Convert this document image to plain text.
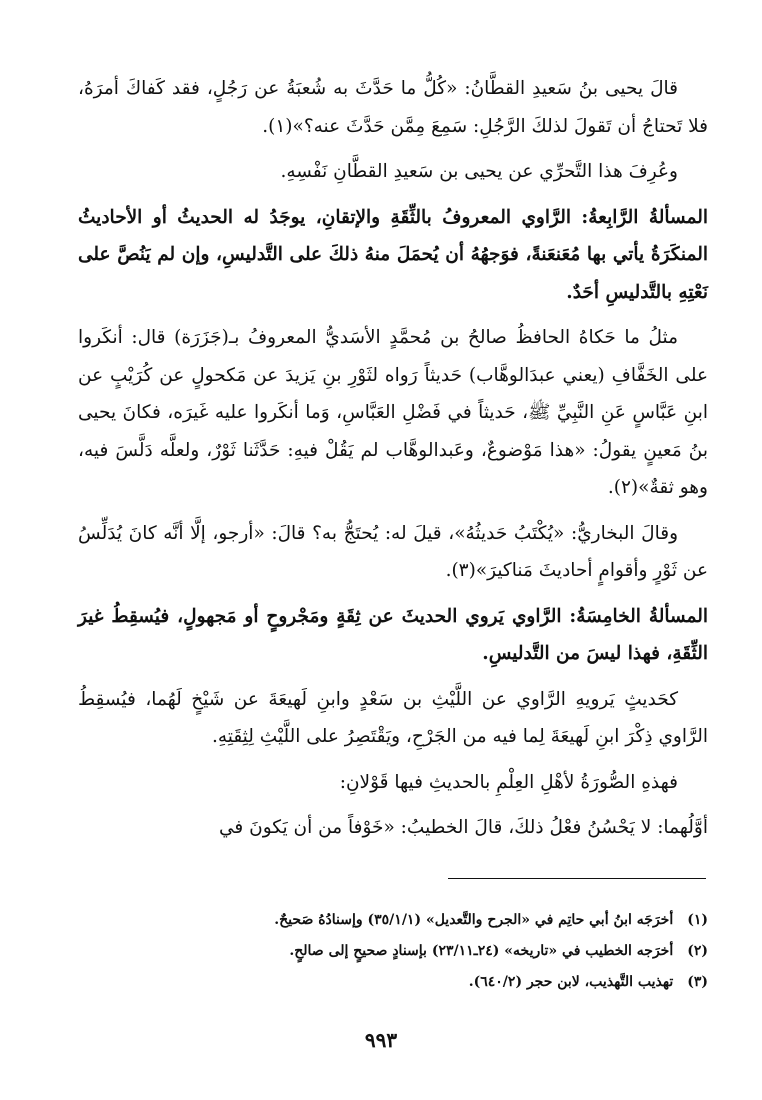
قالَ يحيى بنُ سَعيدِ القطَّانُ: «كُلُّ ما حَدَّثَ به شُعبَةُ عن رَجُلٍ، فقد كَفاكَ أمرَهُ، فلا تَحتاجُ أن تَقولَ لذلكَ الرَّجُلِ: سَمِعَ مِمَّن حَدَّثَ عنه؟»(١).

وعُرِفَ هذا التَّحرِّي عن يحيى بن سَعيدِ القطَّانِ نَفْسِهِ.

المسألةُ الرَّابِعةُ: الرَّاوي المعروفُ بالثِّقَةِ والإتقانِ، يوجَدُ له الحديثُ أو الأحاديثُ المنكَرَةُ يأتي بها مُعَنعَنةً، فوَجهُهُ أن يُحمَلَ منهُ ذلكَ على التَّدليسِ، وإن لم يَنُصَّ على نَعْتِهِ بالتَّدليسِ أحَدٌ.

مثلُ ما حَكاهُ الحافظُ صالحُ بن مُحمَّدٍ الأسَديُّ المعروفُ بـ(جَزَرَة) قال: أنكَروا على الخَفَّافِ (يعني عبدَالوهَّاب) حَديثاً رَواه لثَوْرِ بنِ يَزيدَ عن مَكحولٍ عن كُرَيْبٍ عن ابنِ عَبَّاسٍ عَنِ النَّبِيِّ ﷺ، حَديثاً في فَضْلِ العَبَّاسِ، وَما أنكَروا عليه غَيرَه، فكانَ يحيى بنُ مَعينٍ يقولُ: «هذا مَوْضوعٌ، وعَبدالوهَّاب لم يَقُلْ فيهِ: حَدَّثَنا ثَوْرٌ، ولعلَّه دَلَّسَ فيه، وهو ثقةٌ»(٢).

وقالَ البخاريُّ: «يُكْتَبُ حَديثُهُ»، قيلَ له: يُحتَجُّ به؟ قالَ: «أرجو، إلَّا أنَّه كانَ يُدَلِّسُ عن ثَوْرٍ وأقوامٍ أحاديثَ مَناكيرَ»(٣).

المسألةُ الخامِسَةُ: الرَّاوي يَروي الحديثَ عن ثِقَةٍ ومَجْروحٍ أو مَجهولٍ، فيُسقِطُ غيرَ الثِّقَةِ، فهذا ليسَ من التَّدليسِ.

كحَديثٍ يَرويهِ الرَّاوي عن اللَّيْثِ بن سَعْدٍ وابنِ لَهيعَةَ عن شَيْخٍ لَهُما، فيُسقِطُ الرَّاوي ذِكْرَ ابنِ لَهيعَةَ لِما فيه من الجَرْحِ، ويَقْتَصِرُ على اللَّيْثِ لِثِقَتِهِ.

فهذهِ الصُّورَةُ لأهْلِ العِلْمِ بالحديثِ فيها قَوْلانِ:

أوَّلُهما: لا يَحْسُنُ فعْلُ ذلكَ، قالَ الخطيبُ: «خَوْفاً من أن يَكونَ في

(١)أخرَجَه ابنُ أبي حاتِم في «الجرح والتَّعديل» (٣٥/١/١) وإسنادُهُ صَحيحٌ.

(٢)أخرَجه الخطيب في «تاريخه» (٢٤ـ٢٣/١١) بإسنادٍ صحيحٍ إلى صالحٍ.

(٣)تهذيب التَّهذيب، لابن حجر (٦٤٠/٢).

٩٩٣
